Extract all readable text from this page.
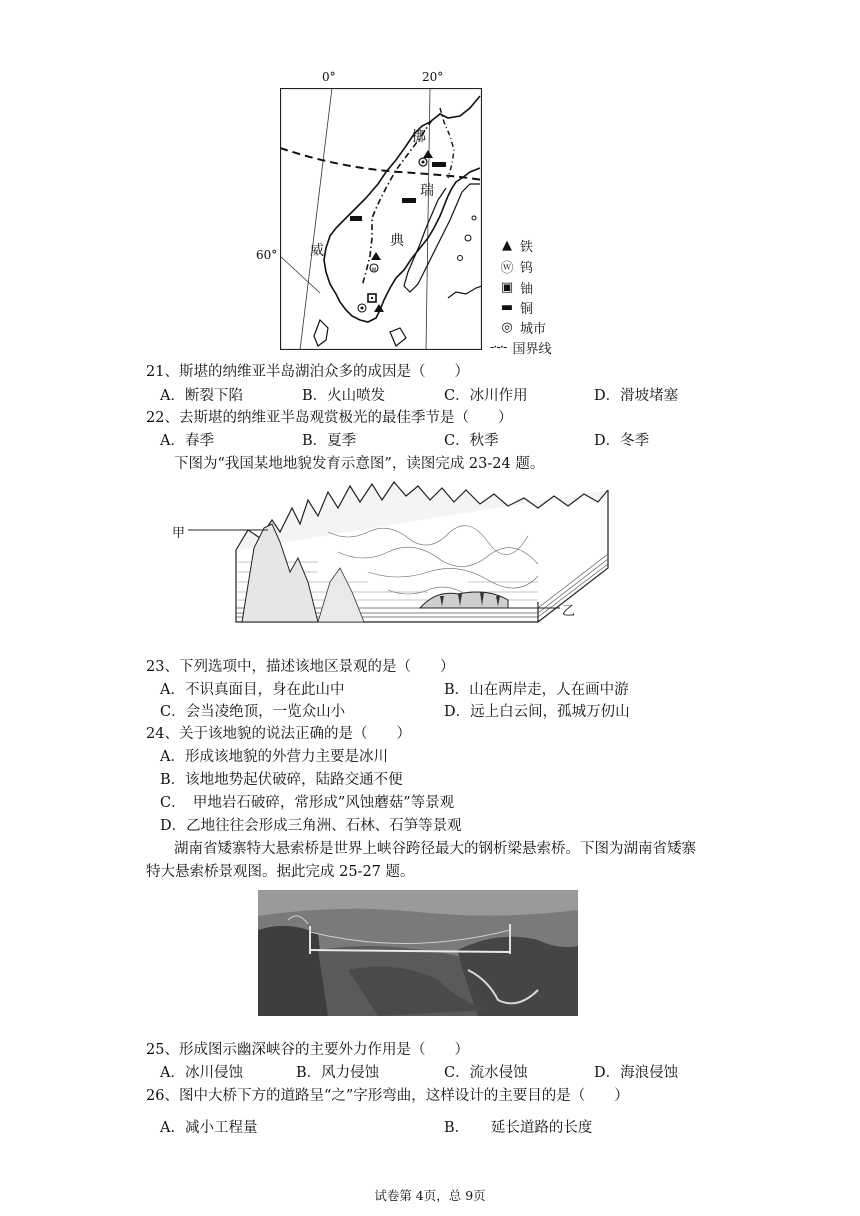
w
挪
瑞
典
威
0°	20°
60°
▲ 铁
ⓦ 钨
▣ 铀
▬ 铜
◎ 城市
-·-·- 国界线
21、斯堪的纳维亚半岛湖泊众多的成因是（　　）
A．断裂下陷	B．火山喷发	C．冰川作用	D．滑坡堵塞
22、去斯堪的纳维亚半岛观赏极光的最佳季节是（　　）
A．春季	B．夏季	C．秋季	D．冬季
下图为“我国某地地貌发育示意图”，读图完成 23-24 题。
甲
乙
23、下列选项中，描述该地区景观的是（　　）
A．不识真面目，身在此山中	B．山在两岸走，人在画中游
C．会当凌绝顶，一览众山小	D．远上白云间，孤城万仞山
24、关于该地貌的说法正确的是（　　）
A．形成该地貌的外营力主要是冰川
B．该地地势起伏破碎，陆路交通不便
C．　甲地岩石破碎，常形成”风蚀蘑菇”等景观
D．乙地往往会形成三角洲、石林、石笋等景观
湖南省矮寨特大悬索桥是世界上峡谷跨径最大的钢析梁悬索桥。下图为湖南省矮寨
特大悬索桥景观图。据此完成 25-27 题。
25、形成图示幽深峡谷的主要外力作用是（　　）
A．冰川侵蚀	B．风力侵蚀	C．流水侵蚀	D．海浪侵蚀
26、图中大桥下方的道路呈“之”字形弯曲，这样设计的主要目的是（　　）
A．减小工程量	B．　　延长道路的长度
试卷第 4页，总 9页
